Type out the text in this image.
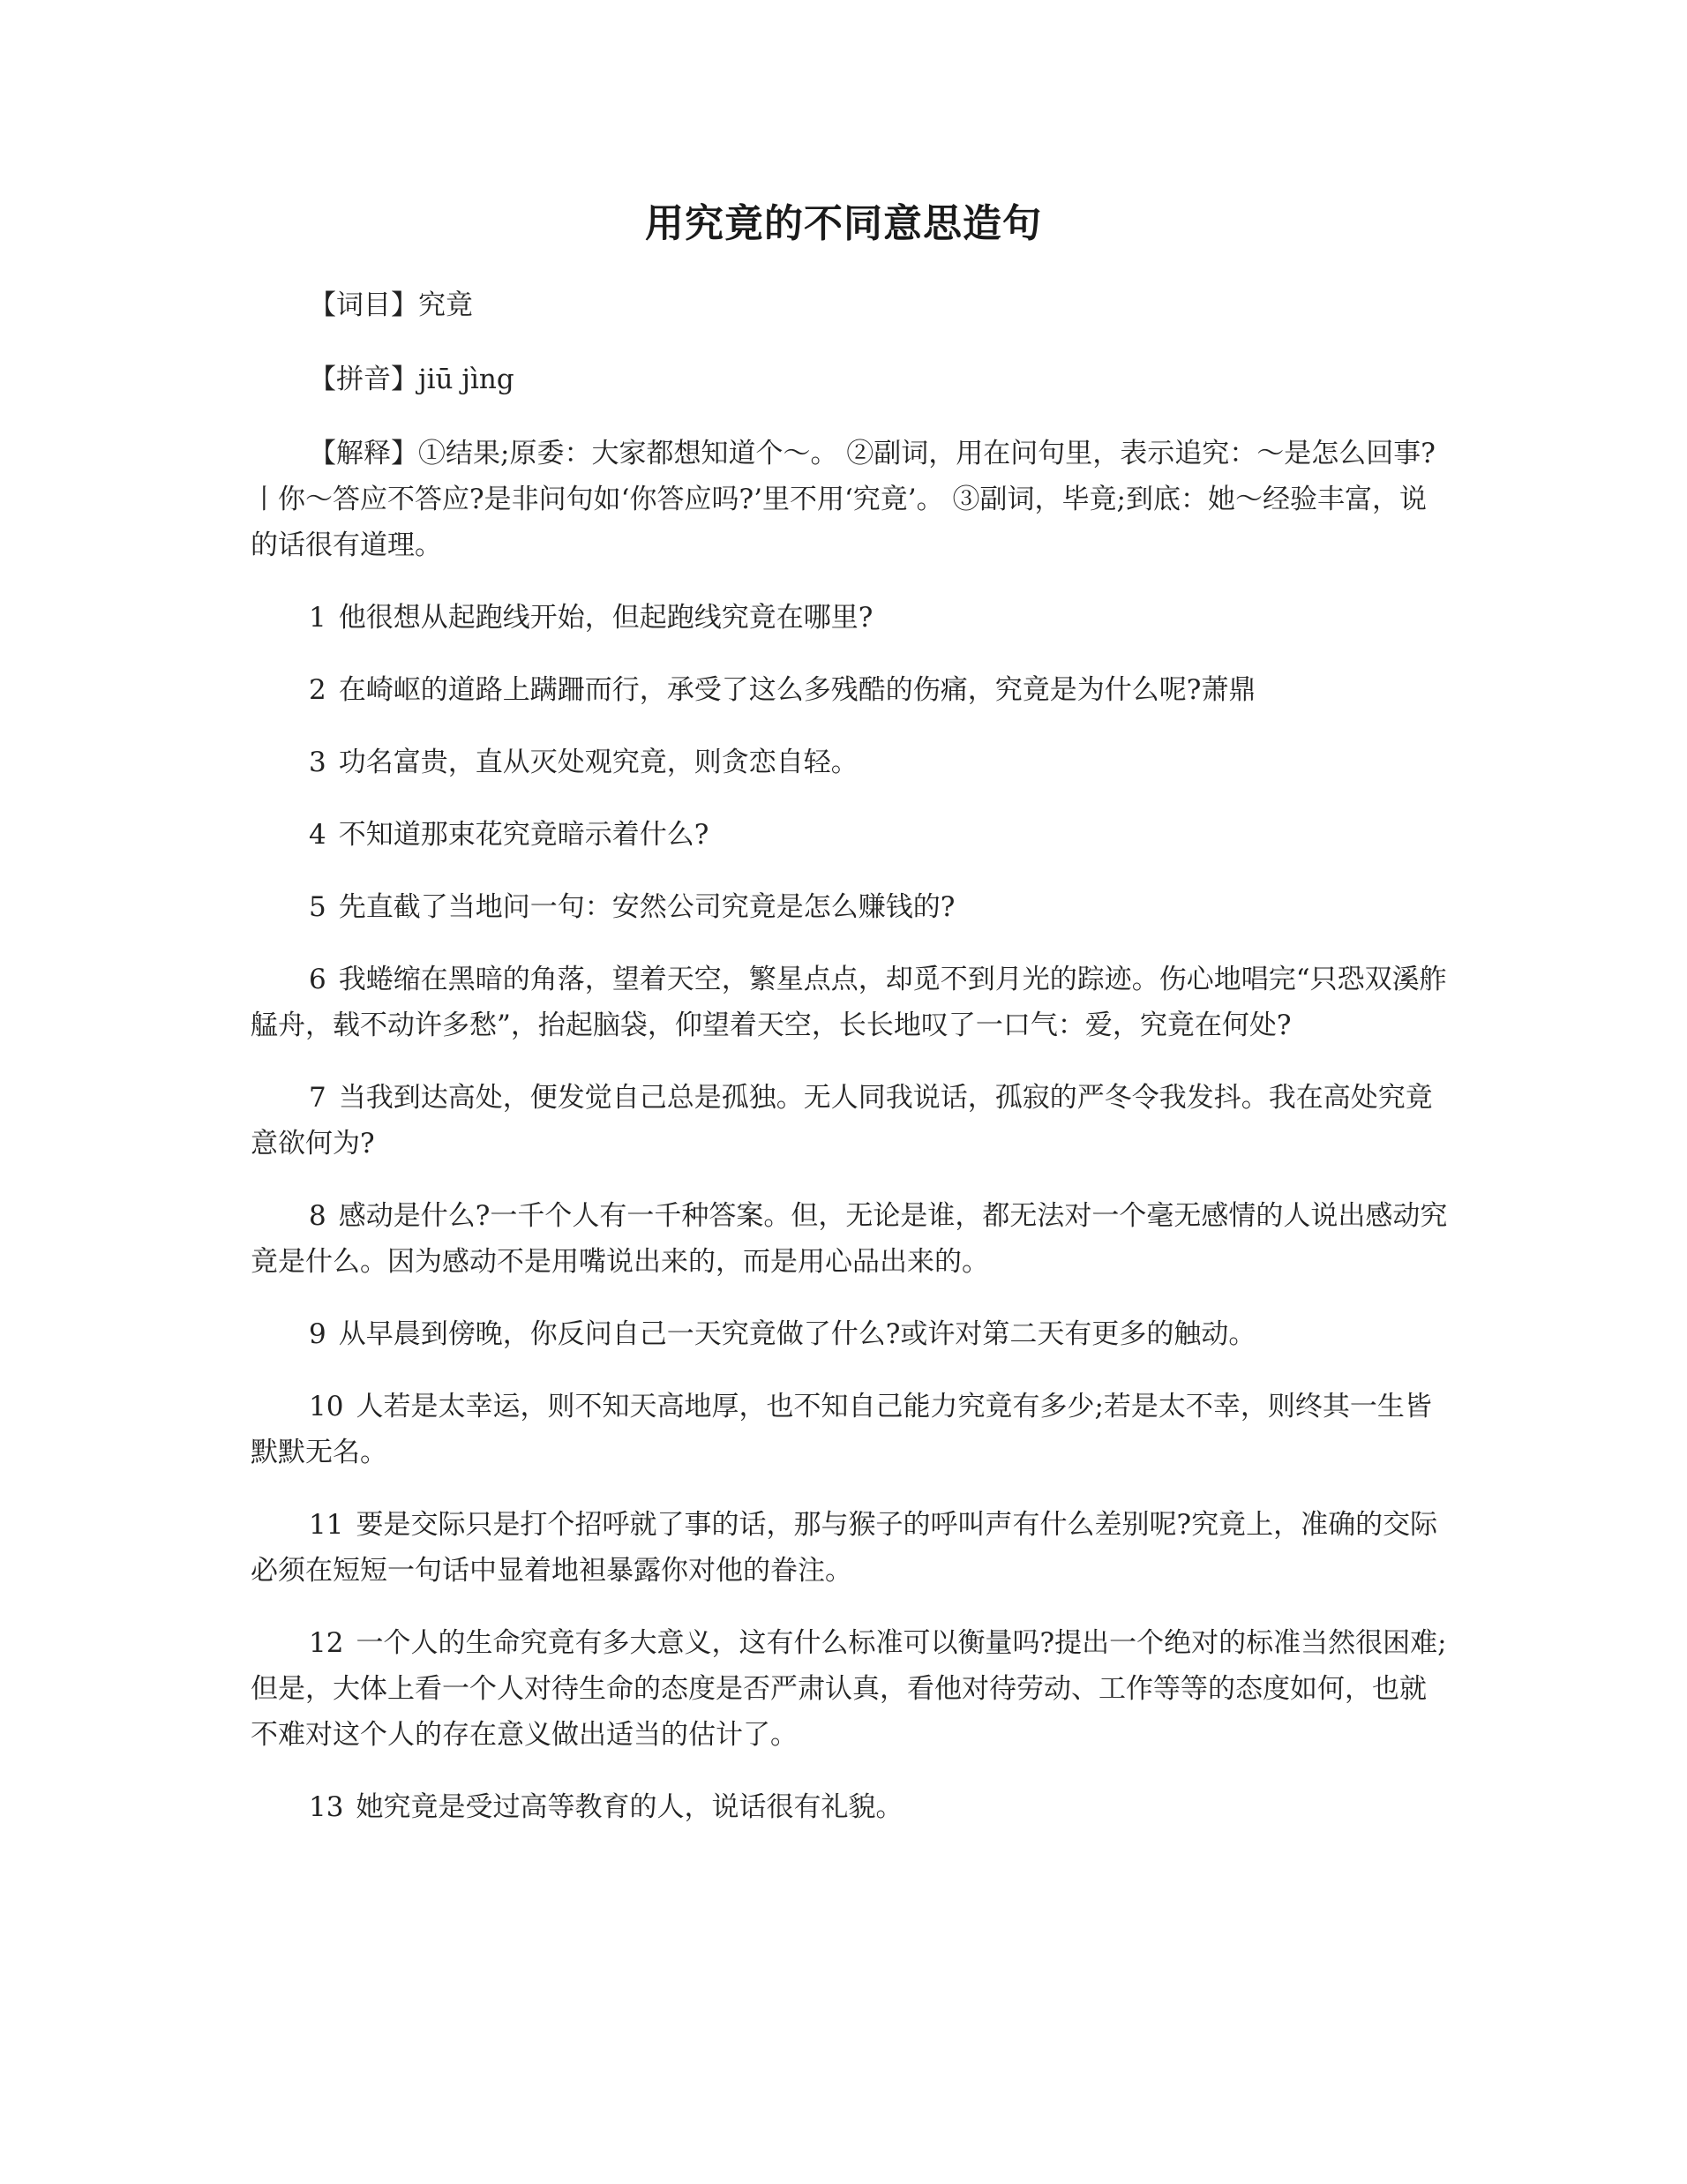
用究竟的不同意思造句

【词目】究竟

【拼音】jiū jìng

【解释】①结果;原委：大家都想知道个～。 ②副词，用在问句里，表示追究：～是怎么回事?丨你～答应不答应?是非问句如‘你答应吗?’里不用‘究竟’。 ③副词，毕竟;到底：她～经验丰富，说的话很有道理。

1 他很想从起跑线开始，但起跑线究竟在哪里?

2 在崎岖的道路上蹒跚而行，承受了这么多残酷的伤痛，究竟是为什么呢?萧鼎

3 功名富贵，直从灭处观究竟，则贪恋自轻。

4 不知道那束花究竟暗示着什么?

5 先直截了当地问一句：安然公司究竟是怎么赚钱的?

6 我蜷缩在黑暗的角落，望着天空，繁星点点，却觅不到月光的踪迹。伤心地唱完“只恐双溪舴艋舟，载不动许多愁”，抬起脑袋，仰望着天空，长长地叹了一口气：爱，究竟在何处?

7 当我到达高处，便发觉自己总是孤独。无人同我说话，孤寂的严冬令我发抖。我在高处究竟意欲何为?

8 感动是什么?一千个人有一千种答案。但，无论是谁，都无法对一个毫无感情的人说出感动究竟是什么。因为感动不是用嘴说出来的，而是用心品出来的。

9 从早晨到傍晚，你反问自己一天究竟做了什么?或许对第二天有更多的触动。

10 人若是太幸运，则不知天高地厚，也不知自己能力究竟有多少;若是太不幸，则终其一生皆默默无名。

11 要是交际只是打个招呼就了事的话，那与猴子的呼叫声有什么差别呢?究竟上，准确的交际必须在短短一句话中显着地袒暴露你对他的眷注。

12 一个人的生命究竟有多大意义，这有什么标准可以衡量吗?提出一个绝对的标准当然很困难;但是，大体上看一个人对待生命的态度是否严肃认真，看他对待劳动、工作等等的态度如何，也就不难对这个人的存在意义做出适当的估计了。

13 她究竟是受过高等教育的人，说话很有礼貌。
